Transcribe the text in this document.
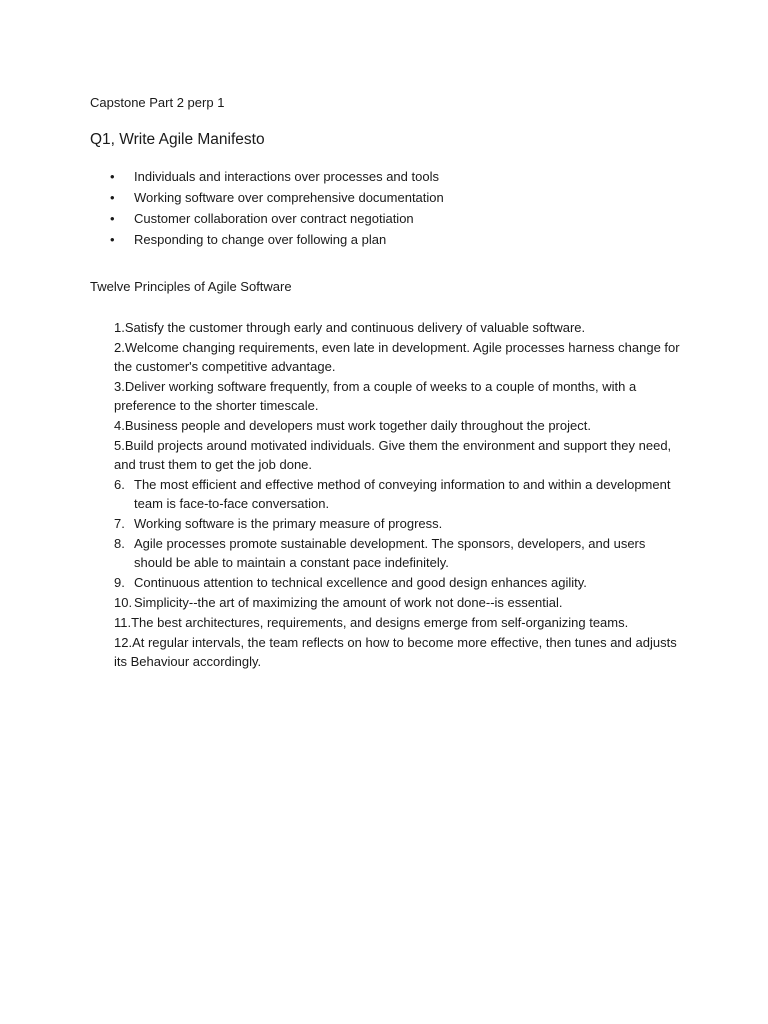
Capstone Part 2 perp 1
Q1, Write Agile Manifesto
•	Individuals and interactions over processes and tools
•	Working software over comprehensive documentation
•	Customer collaboration over contract negotiation
•	Responding to change over following a plan
Twelve Principles of Agile Software
1.Satisfy the customer through early and continuous delivery of valuable software.
2.Welcome changing requirements, even late in development. Agile processes harness change for the customer's competitive advantage.
3.Deliver working software frequently, from a couple of weeks to a couple of months, with a preference to the shorter timescale.
4.Business people and developers must work together daily throughout the project.
5.Build projects around motivated individuals. Give them the environment and support they need, and trust them to get the job done.
6. The most efficient and effective method of conveying information to and within a development team is face-to-face conversation.
7. Working software is the primary measure of progress.
8. Agile processes promote sustainable development. The sponsors, developers, and users should be able to maintain a constant pace indefinitely.
9. Continuous attention to technical excellence and good design enhances agility.
10. Simplicity--the art of maximizing the amount of work not done--is essential.
11.The best architectures, requirements, and designs emerge from self-organizing teams.
12.At regular intervals, the team reflects on how to become more effective, then tunes and adjusts its Behaviour accordingly.
